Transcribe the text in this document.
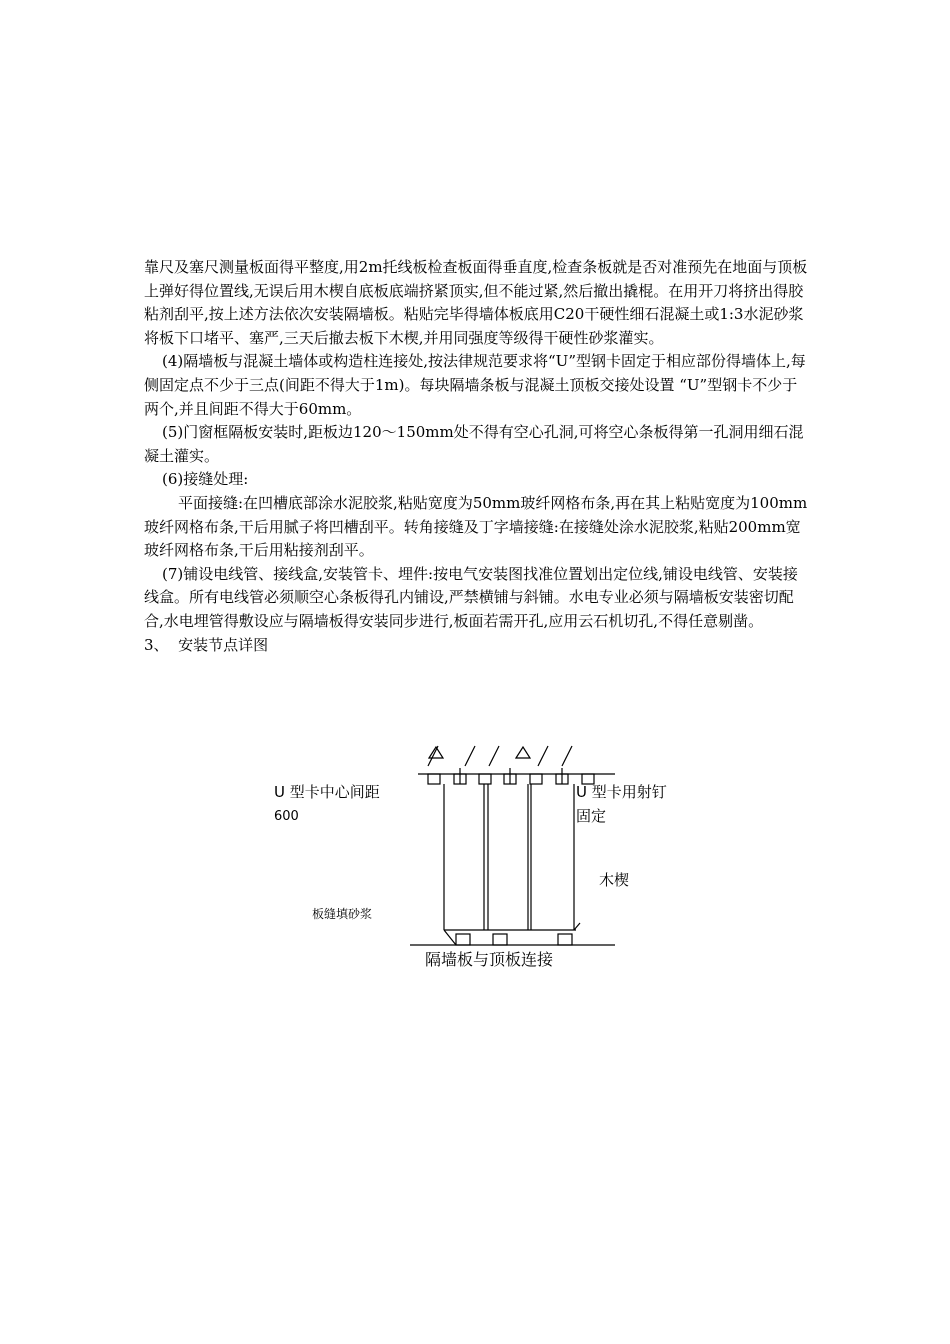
靠尺及塞尺测量板面得平整度,用2m托线板检查板面得垂直度,检查条板就是否对准预先在地面与顶板上弹好得位置线,无误后用木楔自底板底端挤紧顶实,但不能过紧,然后撤出撬棍。在用开刀将挤出得胶粘剂刮平,按上述方法依次安装隔墙板。粘贴完毕得墙体板底用C20干硬性细石混凝土或1:3水泥砂浆将板下口堵平、塞严,三天后撤去板下木楔,并用同强度等级得干硬性砂浆灌实。

(4)隔墙板与混凝土墙体或构造柱连接处,按法律规范要求将“U”型钢卡固定于相应部份得墙体上,每侧固定点不少于三点(间距不得大于1m)。每块隔墙条板与混凝土顶板交接处设置 “U”型钢卡不少于两个,并且间距不得大于60mm。

(5)门窗框隔板安装时,距板边120～150mm处不得有空心孔洞,可将空心条板得第一孔洞用细石混凝土灌实。

(6)接缝处理:

平面接缝:在凹槽底部涂水泥胶浆,粘贴宽度为50mm玻纤网格布条,再在其上粘贴宽度为100mm玻纤网格布条,干后用腻子将凹槽刮平。转角接缝及丁字墙接缝:在接缝处涂水泥胶浆,粘贴200mm宽玻纤网格布条,干后用粘接剂刮平。

(7)铺设电线管、接线盒,安装管卡、埋件:按电气安装图找准位置划出定位线,铺设电线管、安装接线盒。所有电线管必须顺空心条板得孔内铺设,严禁横铺与斜铺。水电专业必须与隔墙板安装密切配合,水电埋管得敷设应与隔墙板得安装同步进行,板面若需开孔,应用云石机切孔,不得任意剔凿。

3、  安装节点详图

U 型卡中心间距
600
U 型卡用射钉
固定
木楔
板缝填砂浆
隔墙板与顶板连接
